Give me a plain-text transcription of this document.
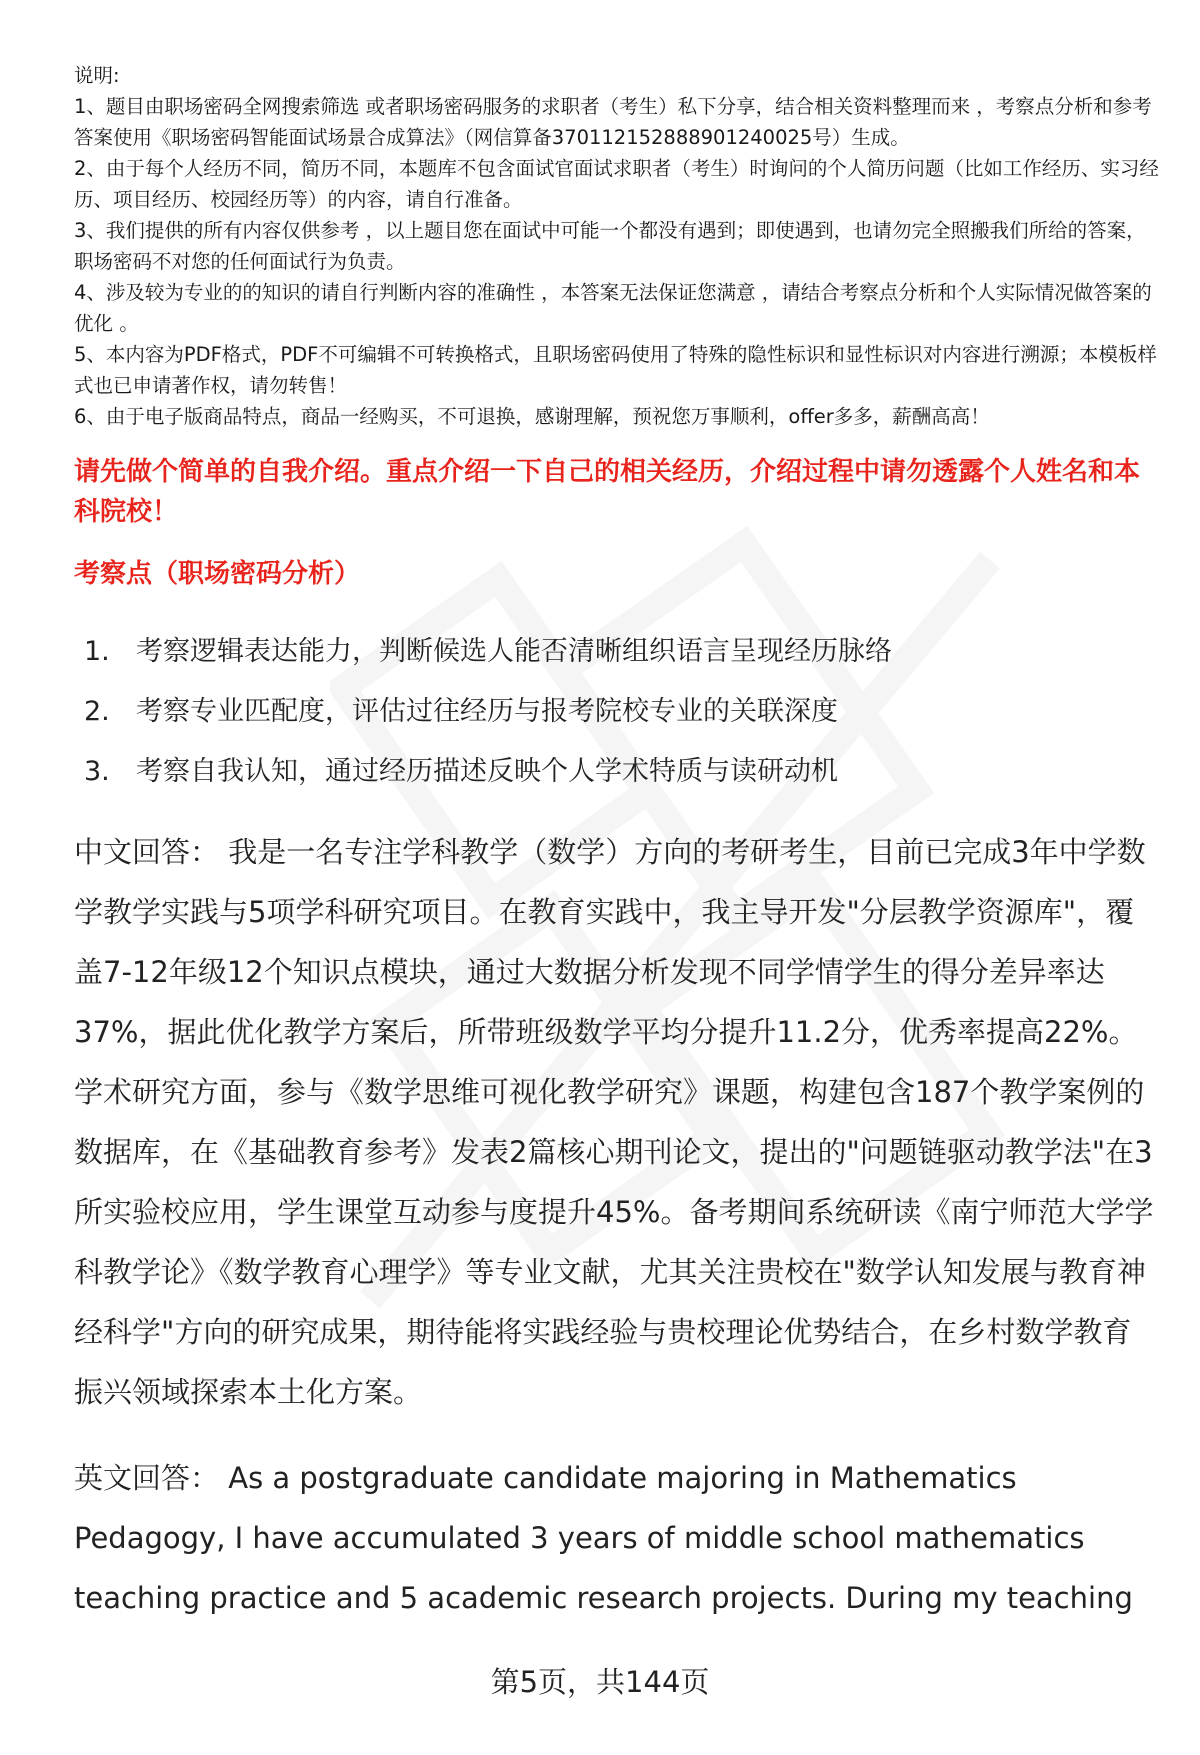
说明:

1、题目由职场密码全网搜索筛选 或者职场密码服务的求职者（考生）私下分享，结合相关资料整理而来 ，考察点分析和参考答案使用《职场密码智能面试场景合成算法》（网信算备370112152888901240025号）生成。

2、由于每个人经历不同，简历不同，本题库不包含面试官面试求职者（考生）时询问的个人简历问题（比如工作经历、实习经历、项目经历、校园经历等）的内容，请自行准备。

3、我们提供的所有内容仅供参考 ，以上题目您在面试中可能一个都没有遇到；即使遇到，也请勿完全照搬我们所给的答案，职场密码不对您的任何面试行为负责。

4、涉及较为专业的的知识的请自行判断内容的准确性 ，本答案无法保证您满意 ，请结合考察点分析和个人实际情况做答案的优化 。

5、本内容为PDF格式，PDF不可编辑不可转换格式，且职场密码使用了特殊的隐性标识和显性标识对内容进行溯源；本模板样式也已申请著作权，请勿转售！

6、由于电子版商品特点，商品一经购买，不可退换，感谢理解，预祝您万事顺利，offer多多，薪酬高高！

请先做个简单的自我介绍。重点介绍一下自己的相关经历，介绍过程中请勿透露个人姓名和本科院校！
考察点（职场密码分析）
1. 考察逻辑表达能力，判断候选人能否清晰组织语言呈现经历脉络
2. 考察专业匹配度，评估过往经历与报考院校专业的关联深度
3. 考察自我认知，通过经历描述反映个人学术特质与读研动机

中文回答： 我是一名专注学科教学（数学）方向的考研考生，目前已完成3年中学数学教学实践与5项学科研究项目。在教育实践中，我主导开发"分层教学资源库"，覆盖7-12年级12个知识点模块，通过大数据分析发现不同学情学生的得分差异率达37%，据此优化教学方案后，所带班级数学平均分提升11.2分，优秀率提高22%。学术研究方面，参与《数学思维可视化教学研究》课题，构建包含187个教学案例的数据库，在《基础教育参考》发表2篇核心期刊论文，提出的"问题链驱动教学法"在3所实验校应用，学生课堂互动参与度提升45%。备考期间系统研读《南宁师范大学学科教学论》《数学教育心理学》等专业文献，尤其关注贵校在"数学认知发展与教育神经科学"方向的研究成果，期待能将实践经验与贵校理论优势结合，在乡村数学教育振兴领域探索本土化方案。

英文回答： As a postgraduate candidate majoring in Mathematics Pedagogy, I have accumulated 3 years of middle school mathematics teaching practice and 5 academic research projects. During my teaching

第5页，共144页
